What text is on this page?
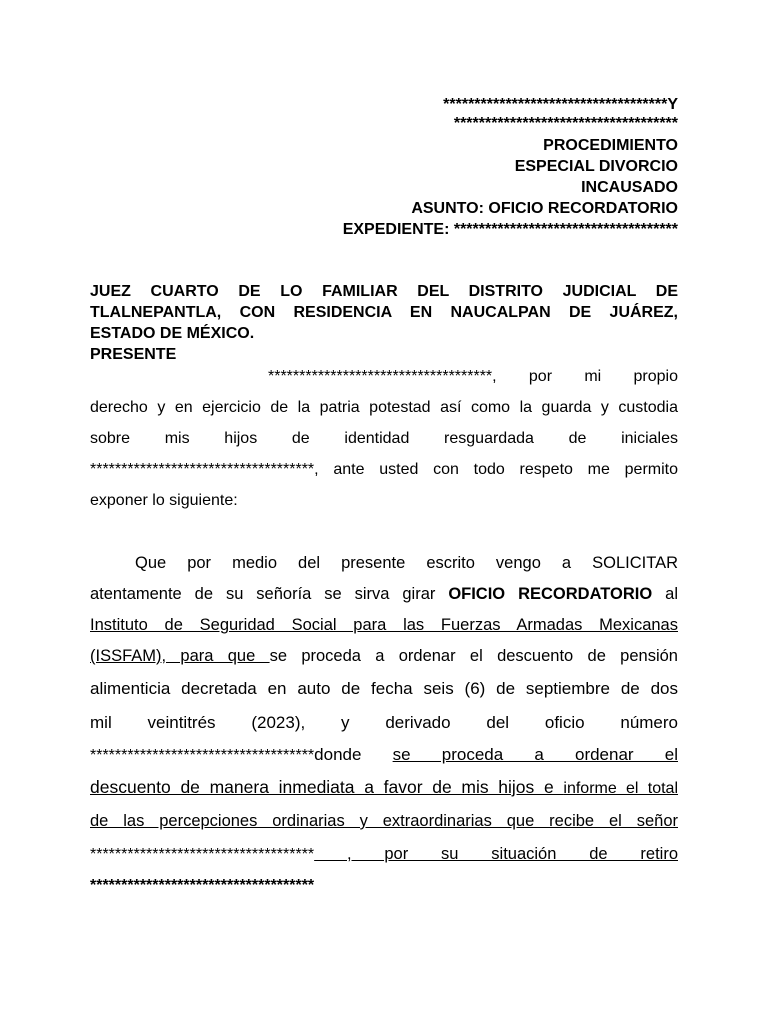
************************************Y
************************************
PROCEDIMIENTO
ESPECIAL DIVORCIO
INCAUSADO
ASUNTO: OFICIO RECORDATORIO
EXPEDIENTE: ************************************
JUEZ CUARTO DE LO FAMILIAR DEL DISTRITO JUDICIAL DE
TLALNEPANTLA, CON RESIDENCIA EN NAUCALPAN DE JUÁREZ,
ESTADO DE MÉXICO.
PRESENTE
************************************, por mi propio
derecho y en ejercicio de la patria potestad así como la guarda y custodia
sobre mis hijos de identidad resguardada de iniciales
************************************, ante usted con todo respeto me permito
exponer lo siguiente:
Que por medio del presente escrito vengo a SOLICITAR
atentamente de su señoría se sirva girar OFICIO RECORDATORIO al
Instituto de Seguridad Social para las Fuerzas Armadas Mexicanas
(ISSFAM), para que se proceda a ordenar el descuento de pensión
alimenticia decretada en auto de fecha seis (6) de septiembre de dos
mil veintitrés (2023), y derivado del oficio número
************************************donde se proceda a ordenar el
descuento de manera inmediata a favor de mis hijos e informe el total
de las percepciones ordinarias y extraordinarias que recibe el señor
************************************ , por su situación de retiro
************************************
